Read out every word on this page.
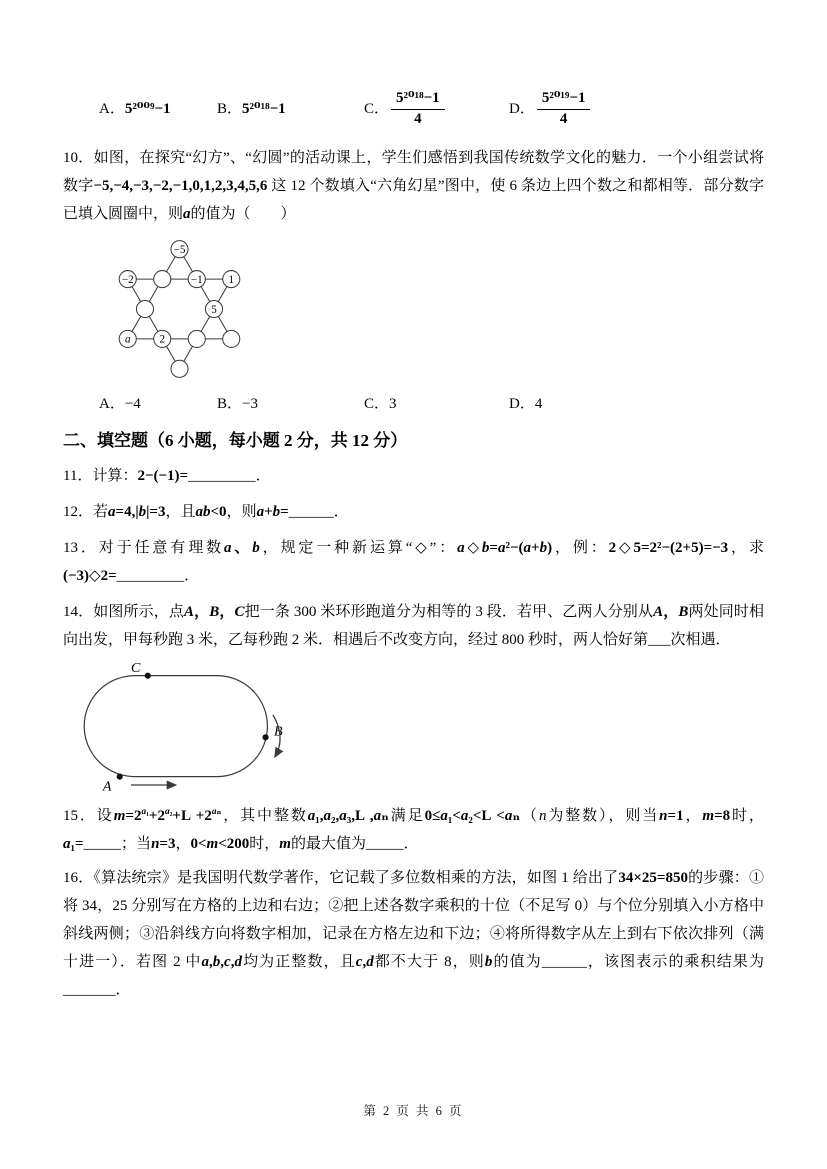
A． 5²⁰⁰⁹−1	B． 5²⁰¹⁸−1	C． $\frac{\text{5²⁰¹⁸−1}}{4}$	D． $\frac{\text{5²⁰¹⁹−1}}{4}$

10．如图，在探究“幻方”、“幻圆”的活动课上，学生们感悟到我国传统数学文化的魅力．一个小组尝试将数字−5,−4,−3,−2,−1,0,1,2,3,4,5,6 这 12 个数填入“六角幻星”图中，使 6 条边上四个数之和都相等．部分数字已填入圆圈中，则a的值为（　　）

−5
−2	−1 1
5
a 2
A．−4	B．−3	C．3	D．4
二、填空题（6 小题，每小题 2 分，共 12 分）

11．计算：2−(−1)=_________．

12．若a=4,|b|=3，且ab<0，则a+b=______．

13．对于任意有理数a、b，规定一种新运算“◇”：a◇b=a²−(a+b)，例：2◇5=2²−(2+5)=−3，求(−3)◇2=_________．

14．如图所示，点A，B，C把一条 300 米环形跑道分为相等的 3 段．若甲、乙两人分别从A，B两处同时相向出发，甲每秒跑 3 米，乙每秒跑 2 米．相遇后不改变方向，经过 800 秒时，两人恰好第___次相遇．

C
A
B

15．设$m=2^{a_1}+2^{a_2}+L +2^{a_n}$，其中整数a₁,a₂,a₃,L ,aₙ满足0≤a₁<a₂<L <aₙ（n为整数），则当n=1，m=8时，a₁=_____；当n=3，0<m<200时，m的最大值为_____．

16．《算法统宗》是我国明代数学著作，它记载了多位数相乘的方法，如图 1 给出了34×25=850的步骤：①将 34，25 分别写在方格的上边和右边；②把上述各数字乘积的十位（不足写 0）与个位分别填入小方格中斜线两侧；③沿斜线方向将数字相加，记录在方格左边和下边；④将所得数字从左上到右下依次排列（满十进一）．若图 2 中a,b,c,d均为正整数，且c,d都不大于 8，则b的值为______，该图表示的乘积结果为_______．

第 2 页 共 6 页
